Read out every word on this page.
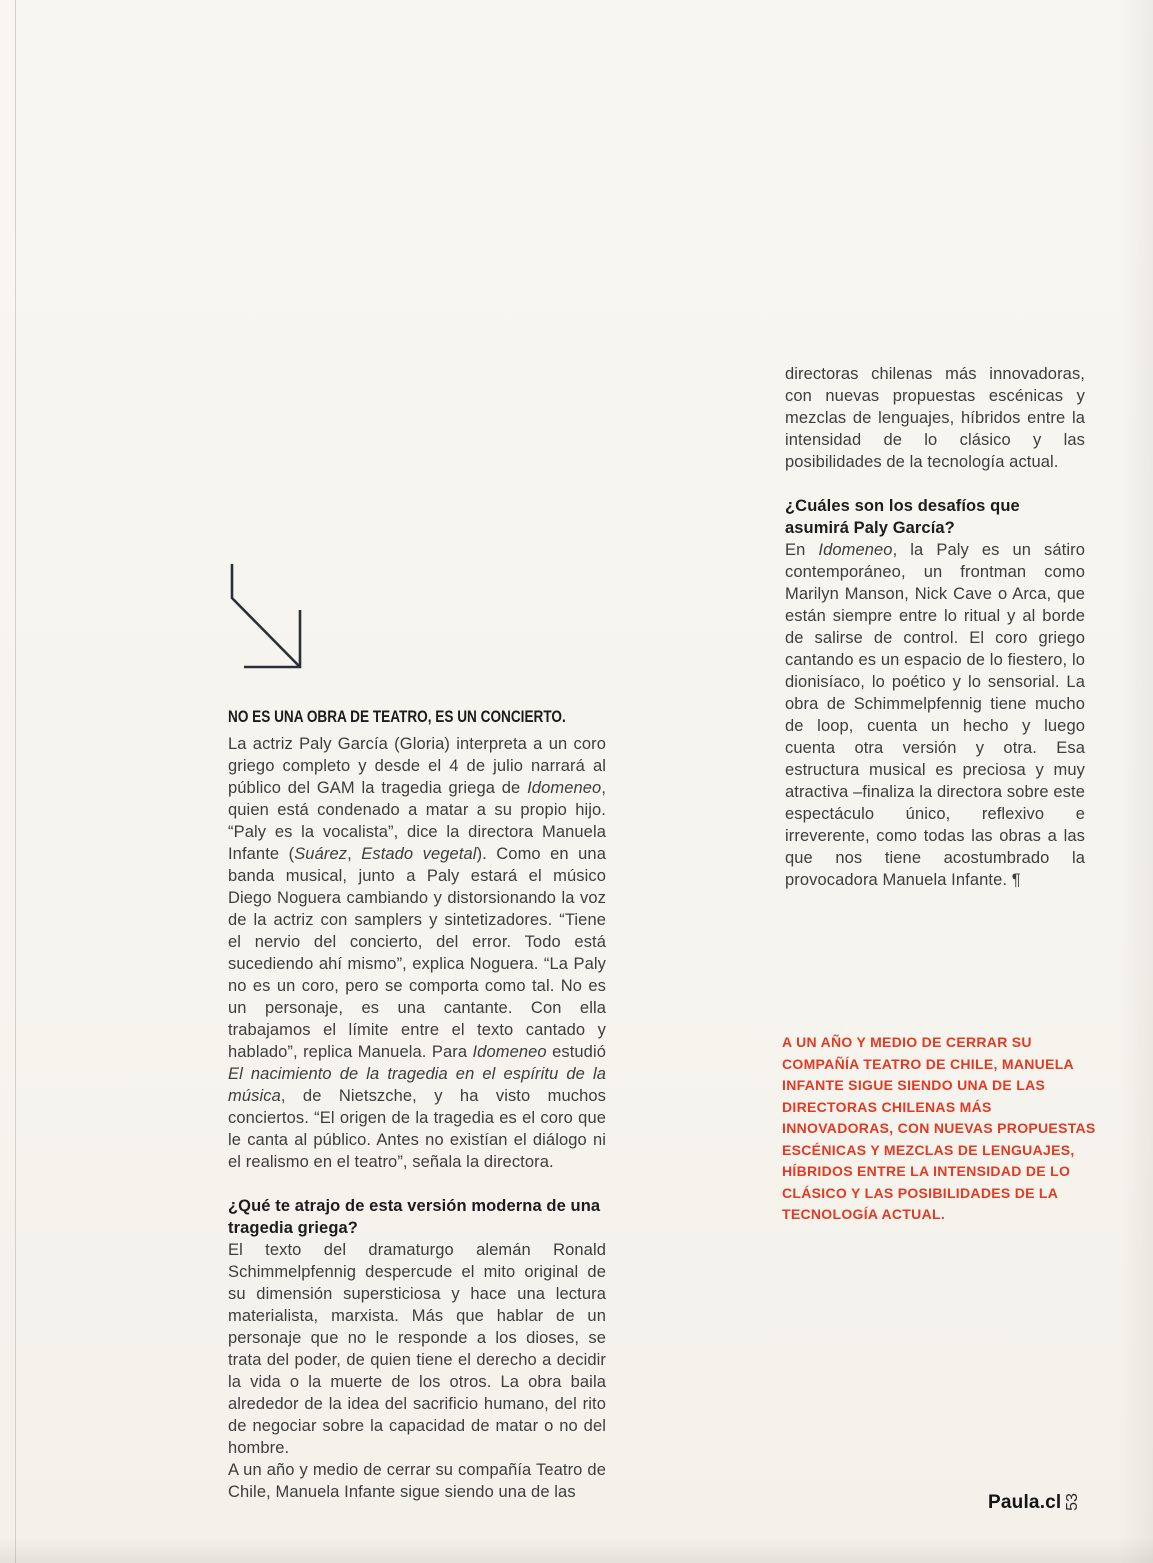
NO ES UNA OBRA DE TEATRO, ES UN CONCIERTO.

La actriz Paly García (Gloria) interpreta a un coro griego completo y desde el 4 de julio narrará al público del GAM la tragedia griega de Idomeneo, quien está condenado a matar a su propio hijo. “Paly es la vocalista”, dice la directora Manuela Infante (Suárez, Estado vegetal). Como en una banda musical, junto a Paly estará el músico Diego Noguera cambiando y distorsionando la voz de la actriz con samplers y sintetizadores. “Tiene el nervio del concierto, del error. Todo está sucediendo ahí mismo”, explica Noguera. “La Paly no es un coro, pero se comporta como tal. No es un personaje, es una cantante. Con ella trabajamos el límite entre el texto cantado y hablado”, replica Manuela. Para Idomeneo estudió El nacimiento de la tragedia en el espíritu de la música, de Nietszche, y ha visto muchos conciertos. “El origen de la tragedia es el coro que le canta al público. Antes no existían el diálogo ni el realismo en el teatro”, señala la directora.

¿Qué te atrajo de esta versión moderna de una tragedia griega?

El texto del dramaturgo alemán Ronald Schimmelpfennig despercude el mito original de su dimensión supersticiosa y hace una lectura materialista, marxista. Más que hablar de un personaje que no le responde a los dioses, se trata del poder, de quien tiene el derecho a decidir la vida o la muerte de los otros. La obra baila alrededor de la idea del sacrificio humano, del rito de negociar sobre la capacidad de matar o no del hombre.

A un año y medio de cerrar su compañía Teatro de Chile, Manuela Infante sigue siendo una de las

directoras chilenas más innovadoras, con nuevas propuestas escénicas y mezclas de lenguajes, híbridos entre la intensidad de lo clásico y las posibilidades de la tecnología actual.

¿Cuáles son los desafíos que asumirá Paly García?

En Idomeneo, la Paly es un sátiro contemporáneo, un frontman como Marilyn Manson, Nick Cave o Arca, que están siempre entre lo ritual y al borde de salirse de control. El coro griego cantando es un espacio de lo fiestero, lo dionisíaco, lo poético y lo sensorial. La obra de Schimmelpfennig tiene mucho de loop, cuenta un hecho y luego cuenta otra versión y otra. Esa estructura musical es preciosa y muy atractiva –finaliza la directora sobre este espectáculo único, reflexivo e irreverente, como todas las obras a las que nos tiene acostumbrado la provocadora Manuela Infante. ¶

A UN AÑO Y MEDIO DE CERRAR SU COMPAÑÍA TEATRO DE CHILE, MANUELA INFANTE SIGUE SIENDO UNA DE LAS DIRECTORAS CHILENAS MÁS INNOVADORAS, CON NUEVAS PROPUESTAS ESCÉNICAS Y MEZCLAS DE LENGUAJES, HÍBRIDOS ENTRE LA INTENSIDAD DE LO CLÁSICO Y LAS POSIBILIDADES DE LA TECNOLOGÍA ACTUAL.
Paula.cl 53
